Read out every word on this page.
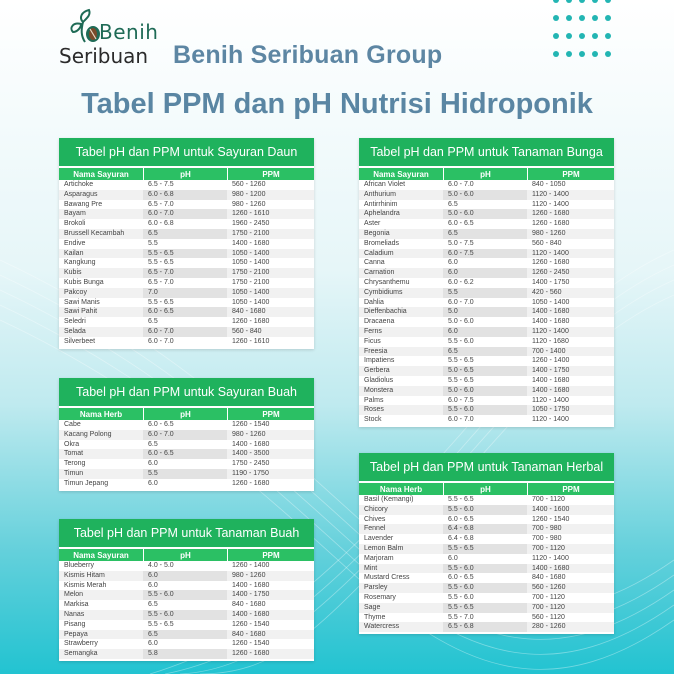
Benih
Seribuan Benih Seribuan Group
Tabel PPM dan pH Nutrisi Hidroponik
Tabel pH dan PPM untuk Sayuran Daun
Nama Sayuran	pH	PPM
Artichoke	6.5 - 7.5	560 - 1260
Asparagus	6.0 - 6.8	980 - 1200
Bawang Pre	6.5 - 7.0	980 - 1260
Bayam	6.0 - 7.0	1260 - 1610
Brokoli	6.0 - 6.8	1960 - 2450
Brussell Kecambah	6.5	1750 - 2100
Endive	5.5	1400 - 1680
Kailan	5.5 - 6.5	1050 - 1400
Kangkung	5.5 - 6.5	1050 - 1400
Kubis	6.5 - 7.0	1750 - 2100
Kubis Bunga	6.5 - 7.0	1750 - 2100
Pakcoy	7.0	1050 - 1400
Sawi Manis	5.5 - 6.5	1050 - 1400
Sawi Pahit	6.0 - 6.5	840 - 1680
Seledri	6.5	1260 - 1680
Selada	6.0 - 7.0	560 - 840
Silverbeet	6.0 - 7.0	1260 - 1610
Tabel pH dan PPM untuk Sayuran Buah
Nama Herb	pH	PPM
Cabe	6.0 - 6.5	1260 - 1540
Kacang Polong	6.0 - 7.0	980 - 1260
Okra	6.5	1400 - 1680
Tomat	6.0 - 6.5	1400 - 3500
Terong	6.0	1750 - 2450
Timun	5.5	1190 - 1750
Timun Jepang	6.0	1260 - 1680
Tabel pH dan PPM untuk Tanaman Buah
Nama Sayuran	pH	PPM
Blueberry	4.0 - 5.0	1260 - 1400
Kismis Hitam	6.0	980 - 1260
Kismis Merah	6.0	1400 - 1680
Melon	5.5 - 6.0	1400 - 1750
Markisa	6.5	840 - 1680
Nanas	5.5 - 6.0	1400 - 1680
Pisang	5.5 - 6.5	1260 - 1540
Pepaya	6.5	840 - 1680
Strawberry	6.0	1260 - 1540
Semangka	5.8	1260 - 1680
Tabel pH dan PPM untuk Tanaman Bunga
Nama Sayuran	pH	PPM
African Violet	6.0 - 7.0	840 - 1050
Anthurium	5.0 - 6.0	1120 - 1400
Antirrhinim	6.5	1120 - 1400
Aphelandra	5.0 - 6.0	1260 - 1680
Aster	6.0 - 6.5	1260 - 1680
Begonia	6.5	980 - 1260
Bromeliads	5.0 - 7.5	560 - 840
Caladium	6.0 - 7.5	1120 - 1400
Canna	6.0	1260 - 1680
Carnation	6.0	1260 - 2450
Chrysanthemu	6.0 - 6.2	1400 - 1750
Cymbidiums	5.5	420 - 560
Dahlia	6.0 - 7.0	1050 - 1400
Dieffenbachia	5.0	1400 - 1680
Dracaena	5.0 - 6.0	1400 - 1680
Ferns	6.0	1120 - 1400
Ficus	5.5 - 6.0	1120 - 1680
Freesia	6.5	700 - 1400
Impatiens	5.5 - 6.5	1260 - 1400
Gerbera	5.0 - 6.5	1400 - 1750
Gladiolus	5.5 - 6.5	1400 - 1680
Monstera	5.0 - 6.0	1400 - 1680
Palms	6.0 - 7.5	1120 - 1400
Roses	5.5 - 6.0	1050 - 1750
Stock	6.0 - 7.0	1120 - 1400
Tabel pH dan PPM untuk Tanaman Herbal
Nama Herb	pH	PPM
Basil (Kemangi)	5.5 - 6.5	700 - 1120
Chicory	5.5 - 6.0	1400 - 1600
Chives	6.0 - 6.5	1260 - 1540
Fennel	6.4 - 6.8	700 - 980
Lavender	6.4 - 6.8	700 - 980
Lemon Balm	5.5 - 6.5	700 - 1120
Marjoram	6.0	1120 - 1400
Mint	5.5 - 6.0	1400 - 1680
Mustard Cress	6.0 - 6.5	840 - 1680
Parsley	5.5 - 6.0	560 - 1260
Rosemary	5.5 - 6.0	700 - 1120
Sage	5.5 - 6.5	700 - 1120
Thyme	5.5 - 7.0	560 - 1120
Watercress	6.5 - 6.8	280 - 1260
